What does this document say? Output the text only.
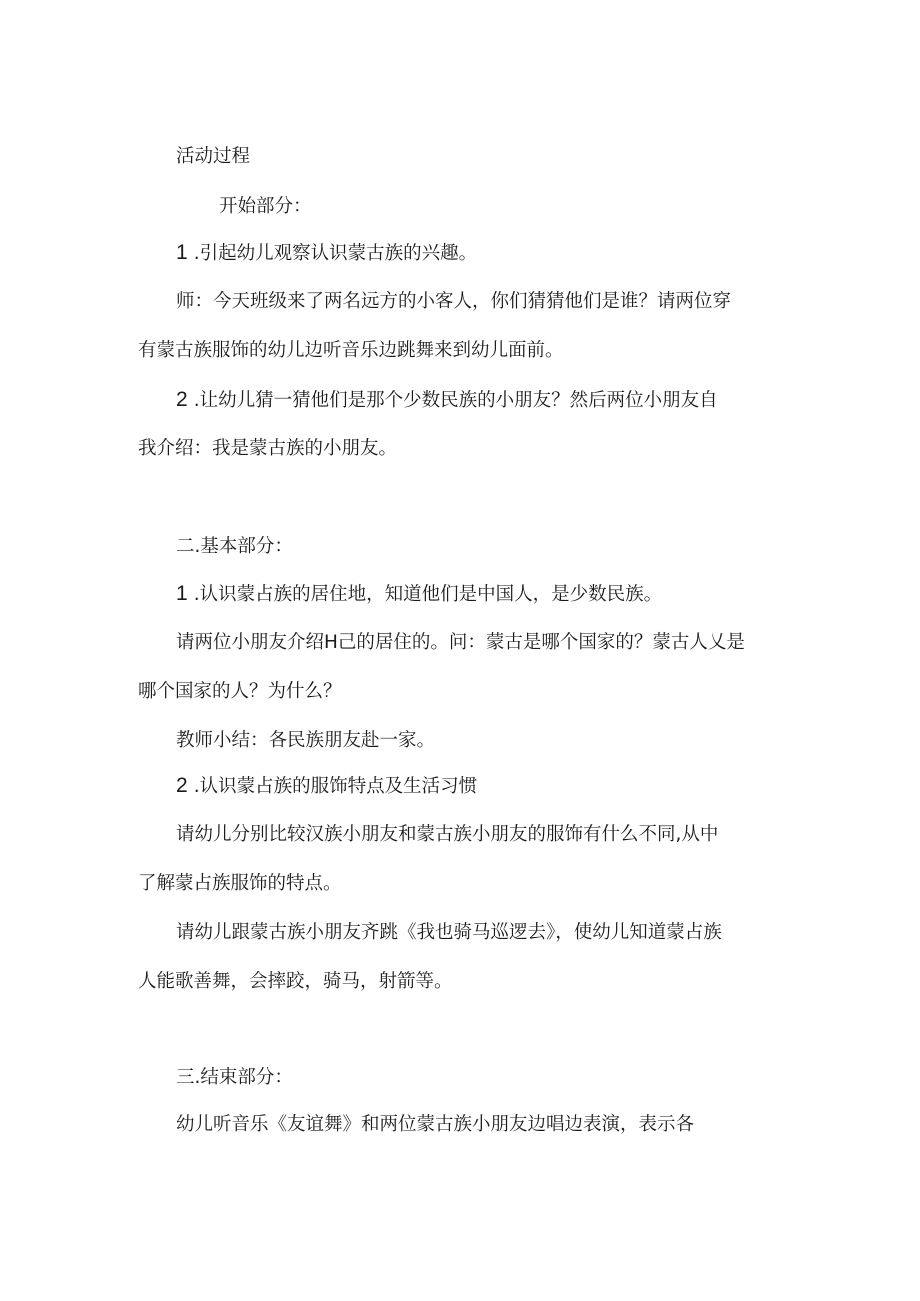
活动过程
开始部分：
1 .引起幼儿观察认识蒙古族的兴趣。
师：今天班级来了两名远方的小客人，你们猜猜他们是谁？请两位穿
有蒙古族服饰的幼儿边听音乐边跳舞来到幼儿面前。
2 .让幼儿猜一猜他们是那个少数民族的小朋友？然后两位小朋友自
我介绍：我是蒙古族的小朋友。
二.基本部分：
1 .认识蒙占族的居住地，知道他们是中国人，是少数民族。
请两位小朋友介绍H己的居住的。问：蒙古是哪个国家的？蒙古人乂是
哪个国家的人？为什么？
教师小结：各民族朋友赴一家。
2 .认识蒙占族的服饰特点及生活习惯
请幼儿分别比较汉族小朋友和蒙古族小朋友的服饰有什么不同,从中
了解蒙占族服饰的特点。
请幼儿跟蒙古族小朋友齐跳《我也骑马巡逻去》，使幼儿知道蒙占族
人能歌善舞，会摔跤，骑马，射箭等。
三.结束部分：
幼儿听音乐《友谊舞》和两位蒙古族小朋友边唱边表演，表示各
